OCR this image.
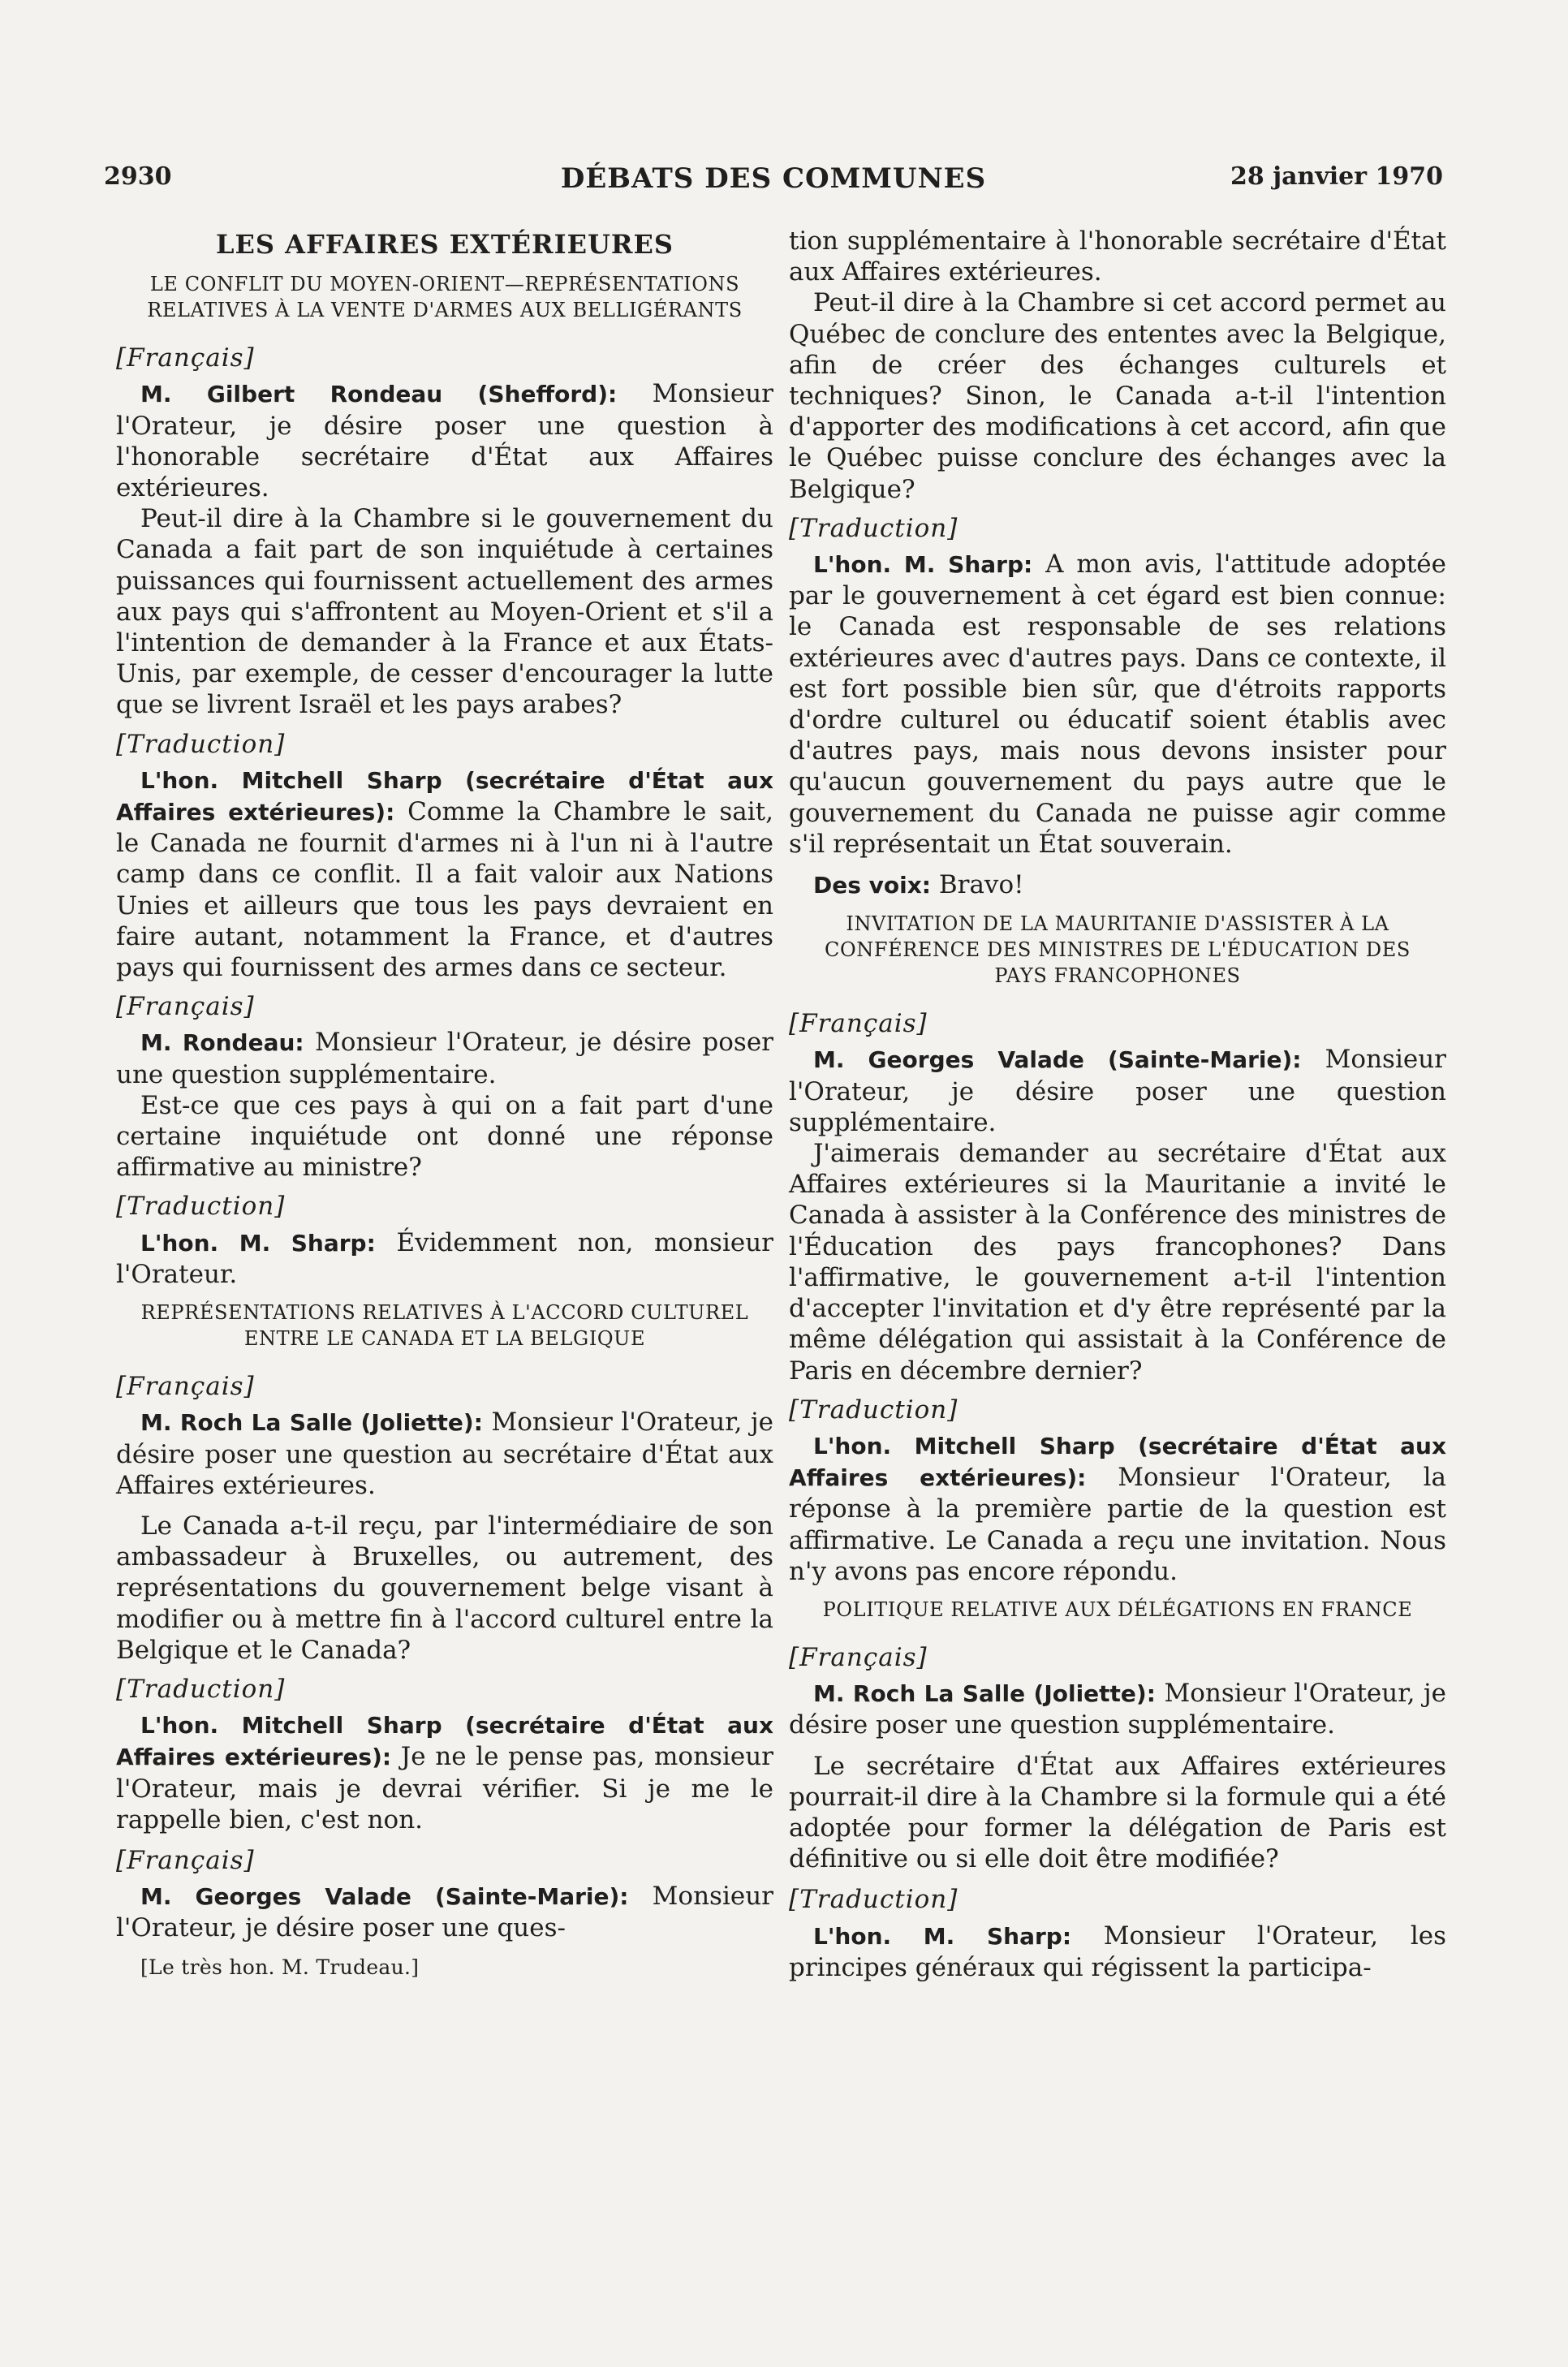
2930	DÉBATS DES COMMUNES	28 janvier 1970
LES AFFAIRES EXTÉRIEURES
LE CONFLIT DU MOYEN-ORIENT—REPRÉSENTATIONS RELATIVES À LA VENTE D'ARMES AUX BELLIGÉRANTS
[Français]

M. Gilbert Rondeau (Shefford): Monsieur l'Orateur, je désire poser une question à l'honorable secrétaire d'État aux Affaires extérieures.

Peut-il dire à la Chambre si le gouvernement du Canada a fait part de son inquiétude à certaines puissances qui fournissent actuellement des armes aux pays qui s'affrontent au Moyen-Orient et s'il a l'intention de demander à la France et aux États-Unis, par exemple, de cesser d'encourager la lutte que se livrent Israël et les pays arabes?

[Traduction]

L'hon. Mitchell Sharp (secrétaire d'État aux Affaires extérieures): Comme la Chambre le sait, le Canada ne fournit d'armes ni à l'un ni à l'autre camp dans ce conflit. Il a fait valoir aux Nations Unies et ailleurs que tous les pays devraient en faire autant, notamment la France, et d'autres pays qui fournissent des armes dans ce secteur.

[Français]

M. Rondeau: Monsieur l'Orateur, je désire poser une question supplémentaire.

Est-ce que ces pays à qui on a fait part d'une certaine inquiétude ont donné une réponse affirmative au ministre?

[Traduction]

L'hon. M. Sharp: Évidemment non, monsieur l'Orateur.

REPRÉSENTATIONS RELATIVES À L'ACCORD CULTUREL ENTRE LE CANADA ET LA BELGIQUE
[Français]

M. Roch La Salle (Joliette): Monsieur l'Orateur, je désire poser une question au secrétaire d'État aux Affaires extérieures.

Le Canada a-t-il reçu, par l'intermédiaire de son ambassadeur à Bruxelles, ou autrement, des représentations du gouvernement belge visant à modifier ou à mettre fin à l'accord culturel entre la Belgique et le Canada?

[Traduction]

L'hon. Mitchell Sharp (secrétaire d'État aux Affaires extérieures): Je ne le pense pas, monsieur l'Orateur, mais je devrai vérifier. Si je me le rappelle bien, c'est non.

[Français]

M. Georges Valade (Sainte-Marie): Monsieur l'Orateur, je désire poser une ques-

[Le très hon. M. Trudeau.]

tion supplémentaire à l'honorable secrétaire d'État aux Affaires extérieures.

Peut-il dire à la Chambre si cet accord permet au Québec de conclure des ententes avec la Belgique, afin de créer des échanges culturels et techniques? Sinon, le Canada a-t-il l'intention d'apporter des modifications à cet accord, afin que le Québec puisse conclure des échanges avec la Belgique?

[Traduction]

L'hon. M. Sharp: A mon avis, l'attitude adoptée par le gouvernement à cet égard est bien connue: le Canada est responsable de ses relations extérieures avec d'autres pays. Dans ce contexte, il est fort possible bien sûr, que d'étroits rapports d'ordre culturel ou éducatif soient établis avec d'autres pays, mais nous devons insister pour qu'aucun gouvernement du pays autre que le gouvernement du Canada ne puisse agir comme s'il représentait un État souverain.

Des voix: Bravo!

INVITATION DE LA MAURITANIE D'ASSISTER À LA CONFÉRENCE DES MINISTRES DE L'ÉDUCATION DES PAYS FRANCOPHONES
[Français]

M. Georges Valade (Sainte-Marie): Monsieur l'Orateur, je désire poser une question supplémentaire.

J'aimerais demander au secrétaire d'État aux Affaires extérieures si la Mauritanie a invité le Canada à assister à la Conférence des ministres de l'Éducation des pays francophones? Dans l'affirmative, le gouvernement a-t-il l'intention d'accepter l'invitation et d'y être représenté par la même délégation qui assistait à la Conférence de Paris en décembre dernier?

[Traduction]

L'hon. Mitchell Sharp (secrétaire d'État aux Affaires extérieures): Monsieur l'Orateur, la réponse à la première partie de la question est affirmative. Le Canada a reçu une invitation. Nous n'y avons pas encore répondu.

POLITIQUE RELATIVE AUX DÉLÉGATIONS EN FRANCE
[Français]

M. Roch La Salle (Joliette): Monsieur l'Orateur, je désire poser une question supplémentaire.

Le secrétaire d'État aux Affaires extérieures pourrait-il dire à la Chambre si la formule qui a été adoptée pour former la délégation de Paris est définitive ou si elle doit être modifiée?

[Traduction]

L'hon. M. Sharp: Monsieur l'Orateur, les principes généraux qui régissent la participa-
